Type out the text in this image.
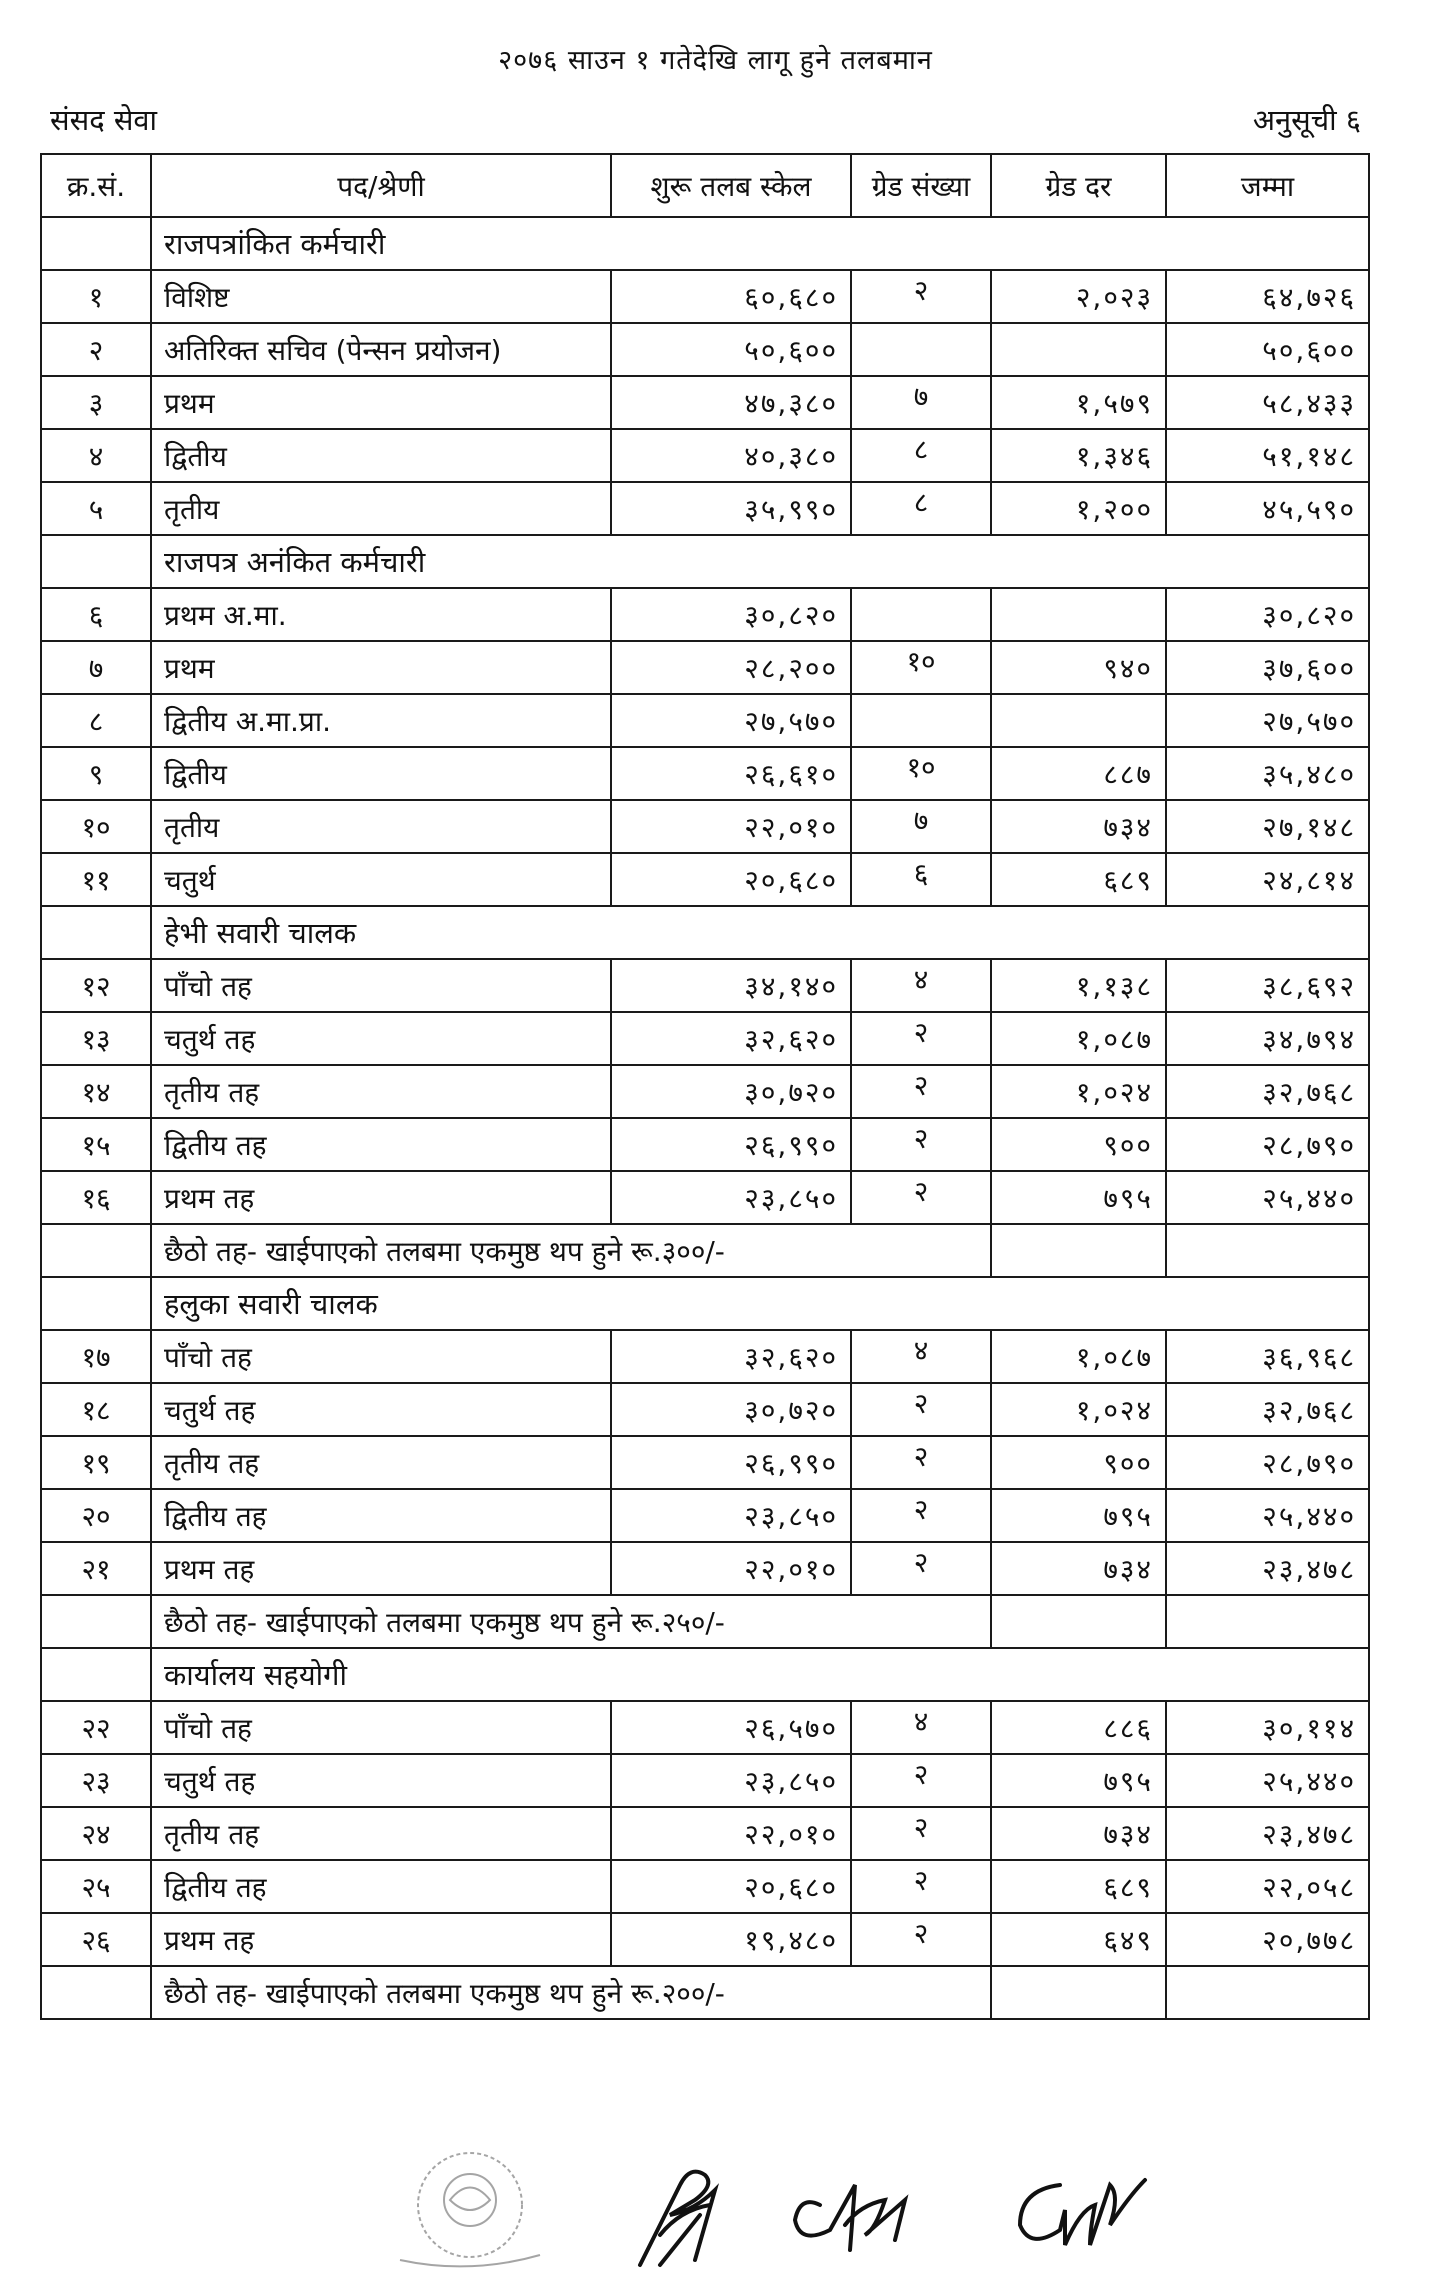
२०७६ साउन १ गतेदेखि लागू हुने तलबमान
संसद सेवा	अनुसूची ६
क्र.सं.	पद/श्रेणी	शुरू तलब स्केल	ग्रेड संख्या	ग्रेड दर	जम्मा
	राजपत्रांकित कर्मचारी				
१	विशिष्ट	६०,६८०	२	२,०२३	६४,७२६
२	अतिरिक्त सचिव (पेन्सन प्रयोजन)	५०,६००			५०,६००
३	प्रथम	४७,३८०	७	१,५७९	५८,४३३
४	द्वितीय	४०,३८०	८	१,३४६	५१,१४८
५	तृतीय	३५,९९०	८	१,२००	४५,५९०
	राजपत्र अनंकित कर्मचारी				
६	प्रथम अ.मा.	३०,८२०			३०,८२०
७	प्रथम	२८,२००	१०	९४०	३७,६००
८	द्वितीय अ.मा.प्रा.	२७,५७०			२७,५७०
९	द्वितीय	२६,६१०	१०	८८७	३५,४८०
१०	तृतीय	२२,०१०	७	७३४	२७,१४८
११	चतुर्थ	२०,६८०	६	६८९	२४,८१४
	हेभी सवारी चालक				
१२	पाँचो तह	३४,१४०	४	१,१३८	३८,६९२
१३	चतुर्थ तह	३२,६२०	२	१,०८७	३४,७९४
१४	तृतीय तह	३०,७२०	२	१,०२४	३२,७६८
१५	द्वितीय तह	२६,९९०	२	९००	२८,७९०
१६	प्रथम तह	२३,८५०	२	७९५	२५,४४०
	छैठो तह- खाईपाएको तलबमा एकमुष्ठ थप हुने रू.३००/-				
	हलुका सवारी चालक				
१७	पाँचो तह	३२,६२०	४	१,०८७	३६,९६८
१८	चतुर्थ तह	३०,७२०	२	१,०२४	३२,७६८
१९	तृतीय तह	२६,९९०	२	९००	२८,७९०
२०	द्वितीय तह	२३,८५०	२	७९५	२५,४४०
२१	प्रथम तह	२२,०१०	२	७३४	२३,४७८
	छैठो तह- खाईपाएको तलबमा एकमुष्ठ थप हुने रू.२५०/-				
	कार्यालय सहयोगी				
२२	पाँचो तह	२६,५७०	४	८८६	३०,११४
२३	चतुर्थ तह	२३,८५०	२	७९५	२५,४४०
२४	तृतीय तह	२२,०१०	२	७३४	२३,४७८
२५	द्वितीय तह	२०,६८०	२	६८९	२२,०५८
२६	प्रथम तह	१९,४८०	२	६४९	२०,७७८
	छैठो तह- खाईपाएको तलबमा एकमुष्ठ थप हुने रू.२००/-				
